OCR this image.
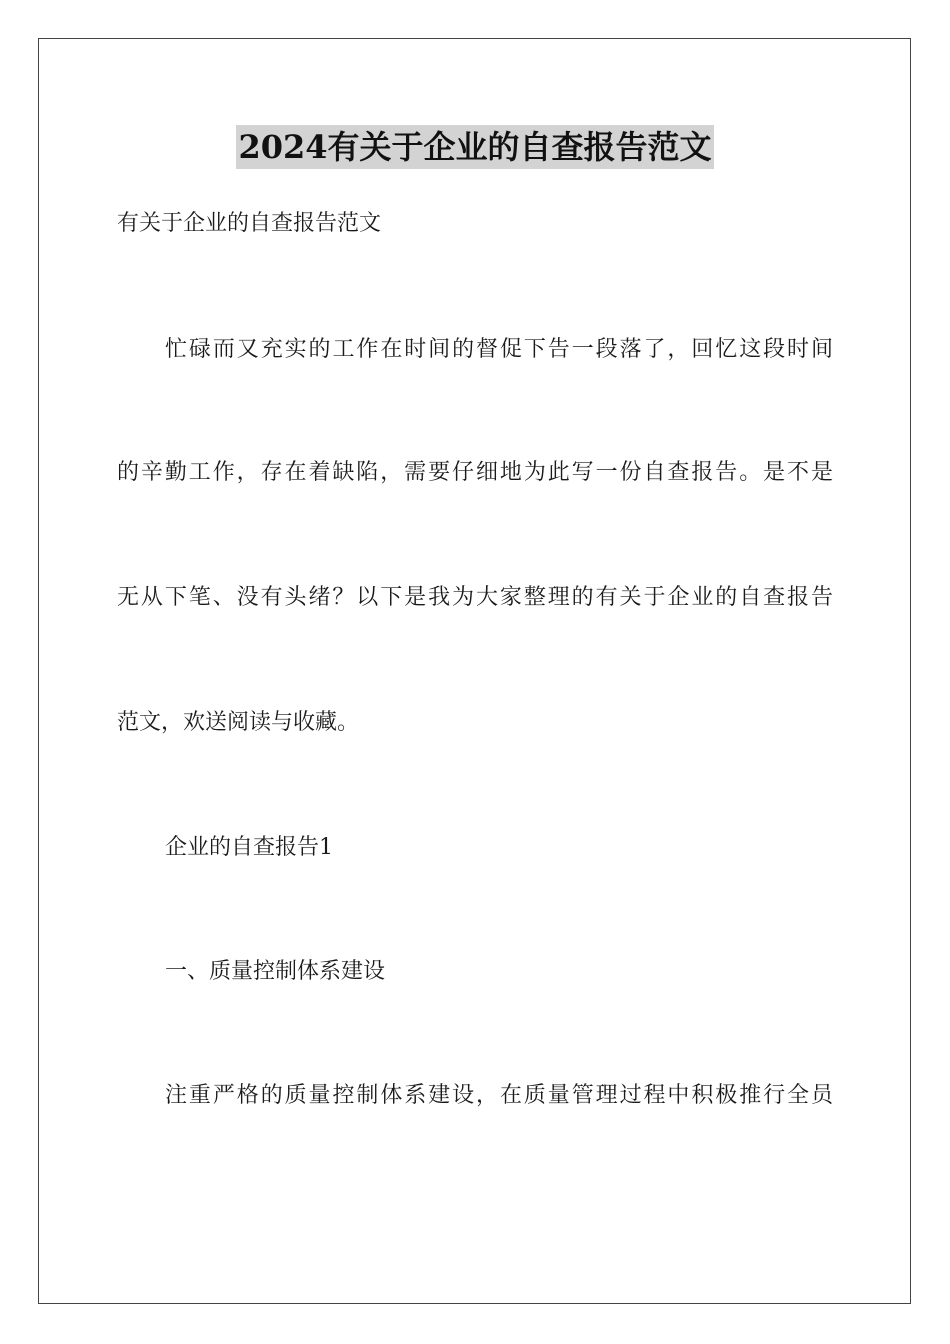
2024有关于企业的自查报告范文
有关于企业的自查报告范文
忙碌而又充实的工作在时间的督促下告一段落了，回忆这段时间
的辛勤工作，存在着缺陷，需要仔细地为此写一份自查报告。是不是
无从下笔、没有头绪？以下是我为大家整理的有关于企业的自查报告
范文，欢送阅读与收藏。
企业的自查报告1
一、质量控制体系建设
注重严格的质量控制体系建设，在质量管理过程中积极推行全员
